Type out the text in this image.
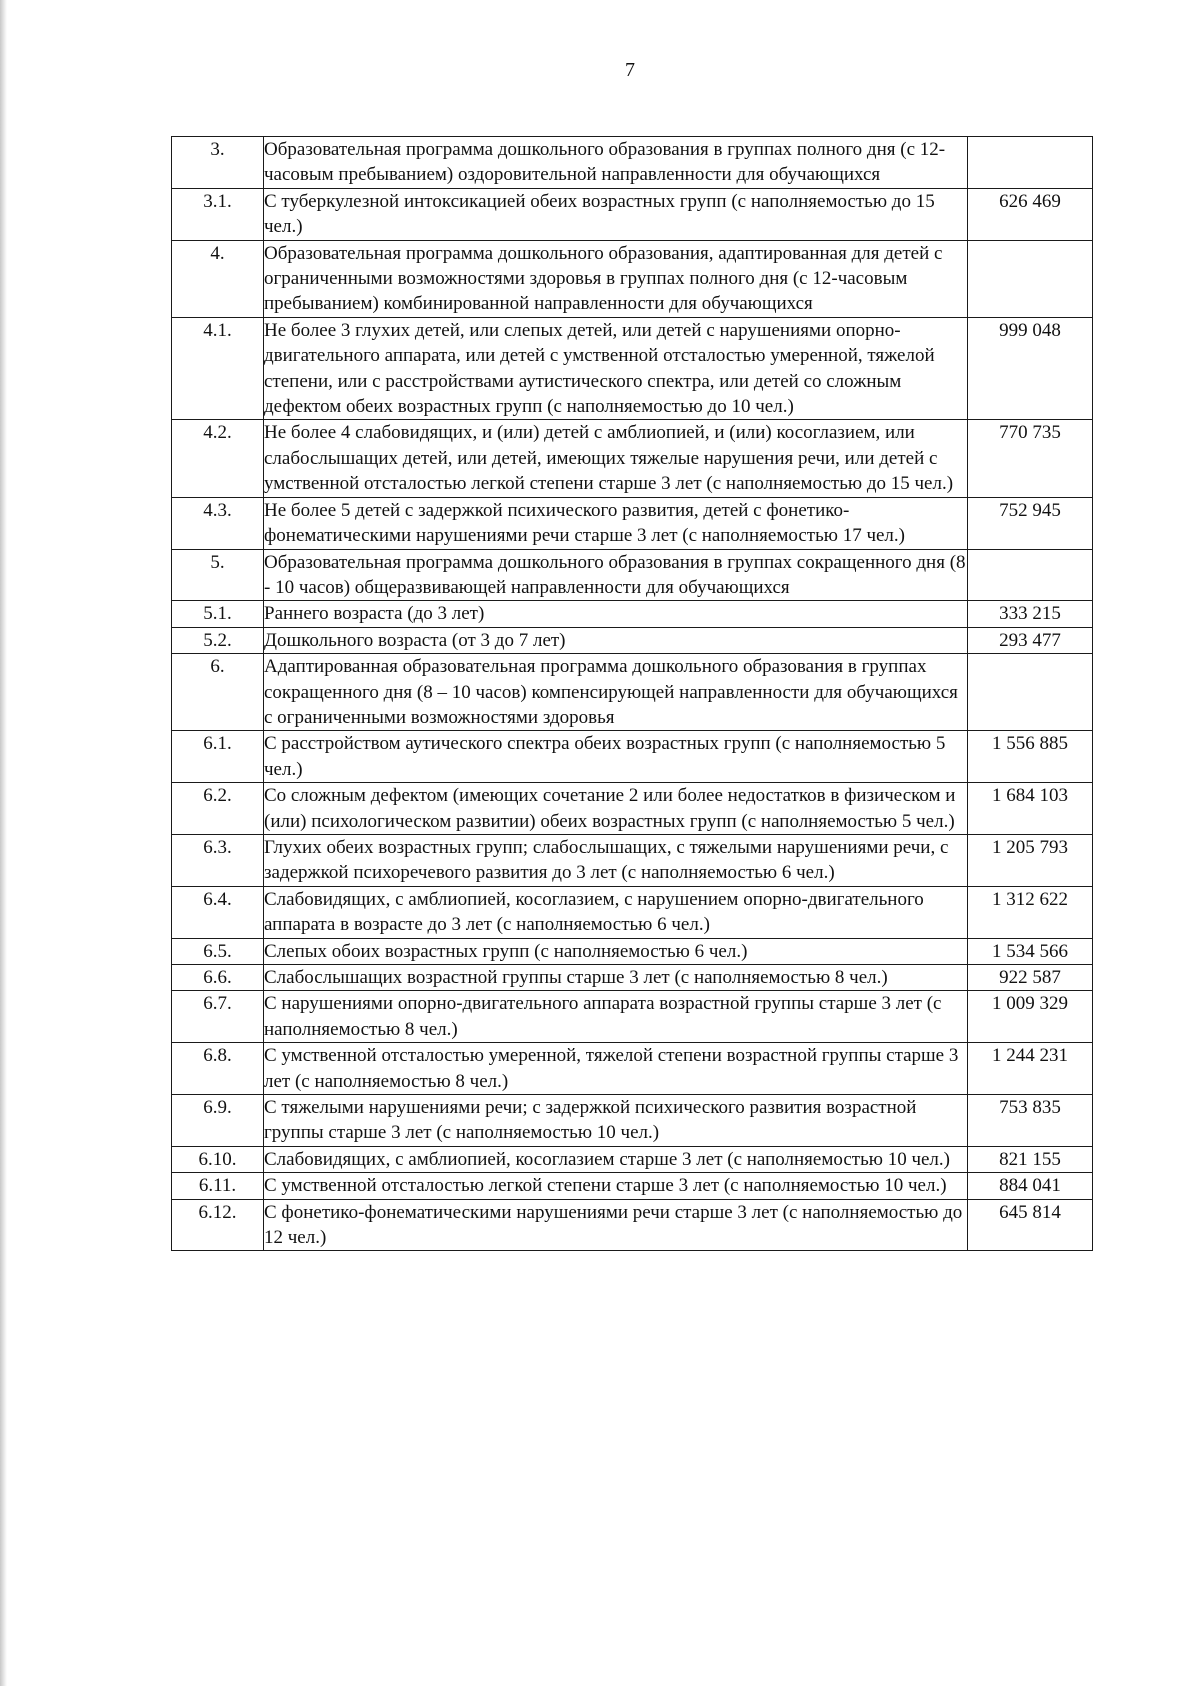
7
3.	Образовательная программа дошкольного образования в группах полного дня (с 12-часовым пребыванием) оздоровительной направленности для обучающихся	
3.1.	С туберкулезной интоксикацией обеих возрастных групп (с наполняемостью до 15 чел.)	626 469
4.	Образовательная программа дошкольного образования, адаптированная для детей с ограниченными возможностями здоровья в группах полного дня (с 12-часовым пребыванием) комбинированной направленности для обучающихся	
4.1.	Не более 3 глухих детей, или слепых детей, или детей с нарушениями опорно-двигательного аппарата, или детей с умственной отсталостью умеренной, тяжелой степени, или с расстройствами аутистического спектра, или детей со сложным дефектом обеих возрастных групп (с наполняемостью до 10 чел.)	999 048
4.2.	Не более 4 слабовидящих, и (или) детей с амблиопией, и (или) косоглазием, или слабослышащих детей, или детей, имеющих тяжелые нарушения речи, или детей с умственной отсталостью легкой степени старше 3 лет (с наполняемостью до 15 чел.)	770 735
4.3.	Не более 5 детей с задержкой психического развития, детей с фонетико-фонематическими нарушениями речи старше 3 лет (с наполняемостью 17 чел.)	752 945
5.	Образовательная программа дошкольного образования в группах сокращенного дня (8 - 10 часов) общеразвивающей направленности для обучающихся	
5.1.	Раннего возраста (до 3 лет)	333 215
5.2.	Дошкольного возраста (от 3 до 7 лет)	293 477
6.	Адаптированная образовательная программа дошкольного образования в группах сокращенного дня (8 – 10 часов) компенсирующей направленности для обучающихся с ограниченными возможностями здоровья	
6.1.	С расстройством аутического спектра обеих возрастных групп (с наполняемостью 5 чел.)	1 556 885
6.2.	Со сложным дефектом (имеющих сочетание 2 или более недостатков в физическом и (или) психологическом развитии) обеих возрастных групп (с наполняемостью 5 чел.)	1 684 103
6.3.	Глухих обеих возрастных групп; слабослышащих, с тяжелыми нарушениями речи, с задержкой психоречевого развития до 3 лет (с наполняемостью 6 чел.)	1 205 793
6.4.	Слабовидящих, с амблиопией, косоглазием, с нарушением опорно-двигательного аппарата в возрасте до 3 лет (с наполняемостью 6 чел.)	1 312 622
6.5.	Слепых обоих возрастных групп (с наполняемостью 6 чел.)	1 534 566
6.6.	Слабослышащих возрастной группы старше 3 лет (с наполняемостью 8 чел.)	922 587
6.7.	С нарушениями опорно-двигательного аппарата возрастной группы старше 3 лет (с наполняемостью 8 чел.)	1 009 329
6.8.	С умственной отсталостью умеренной, тяжелой степени возрастной группы старше 3 лет (с наполняемостью 8 чел.)	1 244 231
6.9.	С тяжелыми нарушениями речи; с задержкой психического развития возрастной группы старше 3 лет (с наполняемостью 10 чел.)	753 835
6.10.	Слабовидящих, с амблиопией, косоглазием старше 3 лет (с наполняемостью 10 чел.)	821 155
6.11.	С умственной отсталостью легкой степени старше 3 лет (с наполняемостью 10 чел.)	884 041
6.12.	С фонетико-фонематическими нарушениями речи старше 3 лет (с наполняемостью до 12 чел.)	645 814
